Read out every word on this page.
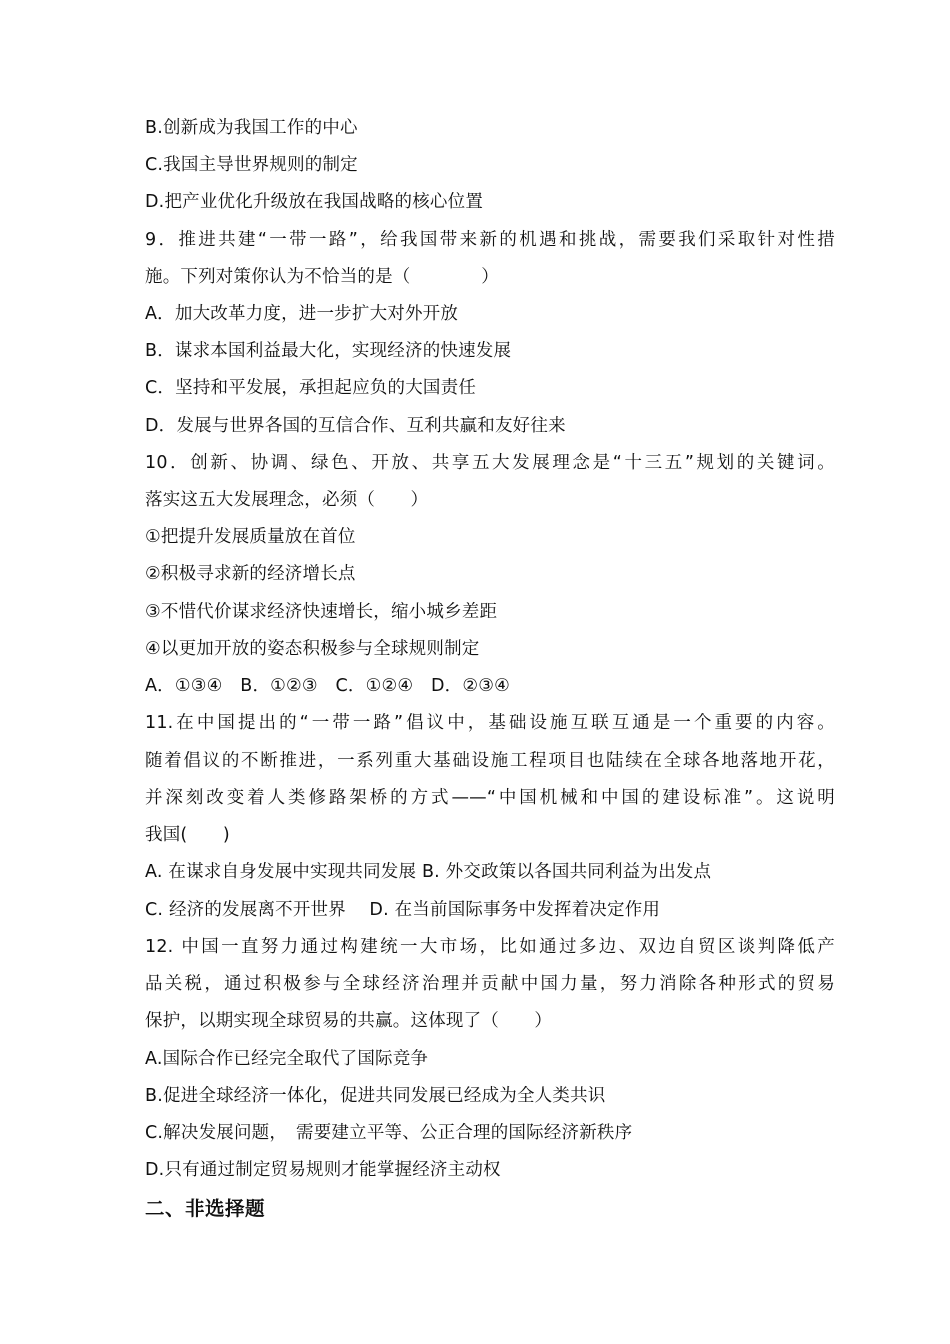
B.创新成为我国工作的中心
C.我国主导世界规则的制定
D.把产业优化升级放在我国战略的核心位置
9．推进共建“一带一路”，给我国带来新的机遇和挑战，需要我们采取针对性措
施。下列对策你认为不恰当的是（　　　　）
A．加大改革力度，进一步扩大对外开放
B．谋求本国利益最大化，实现经济的快速发展
C．坚持和平发展，承担起应负的大国责任
D．发展与世界各国的互信合作、互利共赢和友好往来
10．创新、协调、绿色、开放、共享五大发展理念是“十三五”规划的关键词。
落实这五大发展理念，必须（　　）
①把提升发展质量放在首位
②积极寻求新的经济增长点
③不惜代价谋求经济快速增长，缩小城乡差距
④以更加开放的姿态积极参与全球规则制定
A．①③④　B．①②③　C．①②④　D．②③④
11.在中国提出的“一带一路”倡议中，基础设施互联互通是一个重要的内容。
随着倡议的不断推进，一系列重大基础设施工程项目也陆续在全球各地落地开花，
并深刻改变着人类修路架桥的方式——“中国机械和中国的建设标准”。这说明
我国(　　)
A. 在谋求自身发展中实现共同发展 B. 外交政策以各国共同利益为出发点
C. 经济的发展离不开世界　 D. 在当前国际事务中发挥着决定作用
12. 中国一直努力通过构建统一大市场，比如通过多边、双边自贸区谈判降低产
品关税，通过积极参与全球经济治理并贡献中国力量，努力消除各种形式的贸易
保护，以期实现全球贸易的共赢。这体现了（　　）
A.国际合作已经完全取代了国际竞争
B.促进全球经济一体化，促进共同发展已经成为全人类共识
C.解决发展问题，　需要建立平等、公正合理的国际经济新秩序
D.只有通过制定贸易规则才能掌握经济主动权
二、非选择题
